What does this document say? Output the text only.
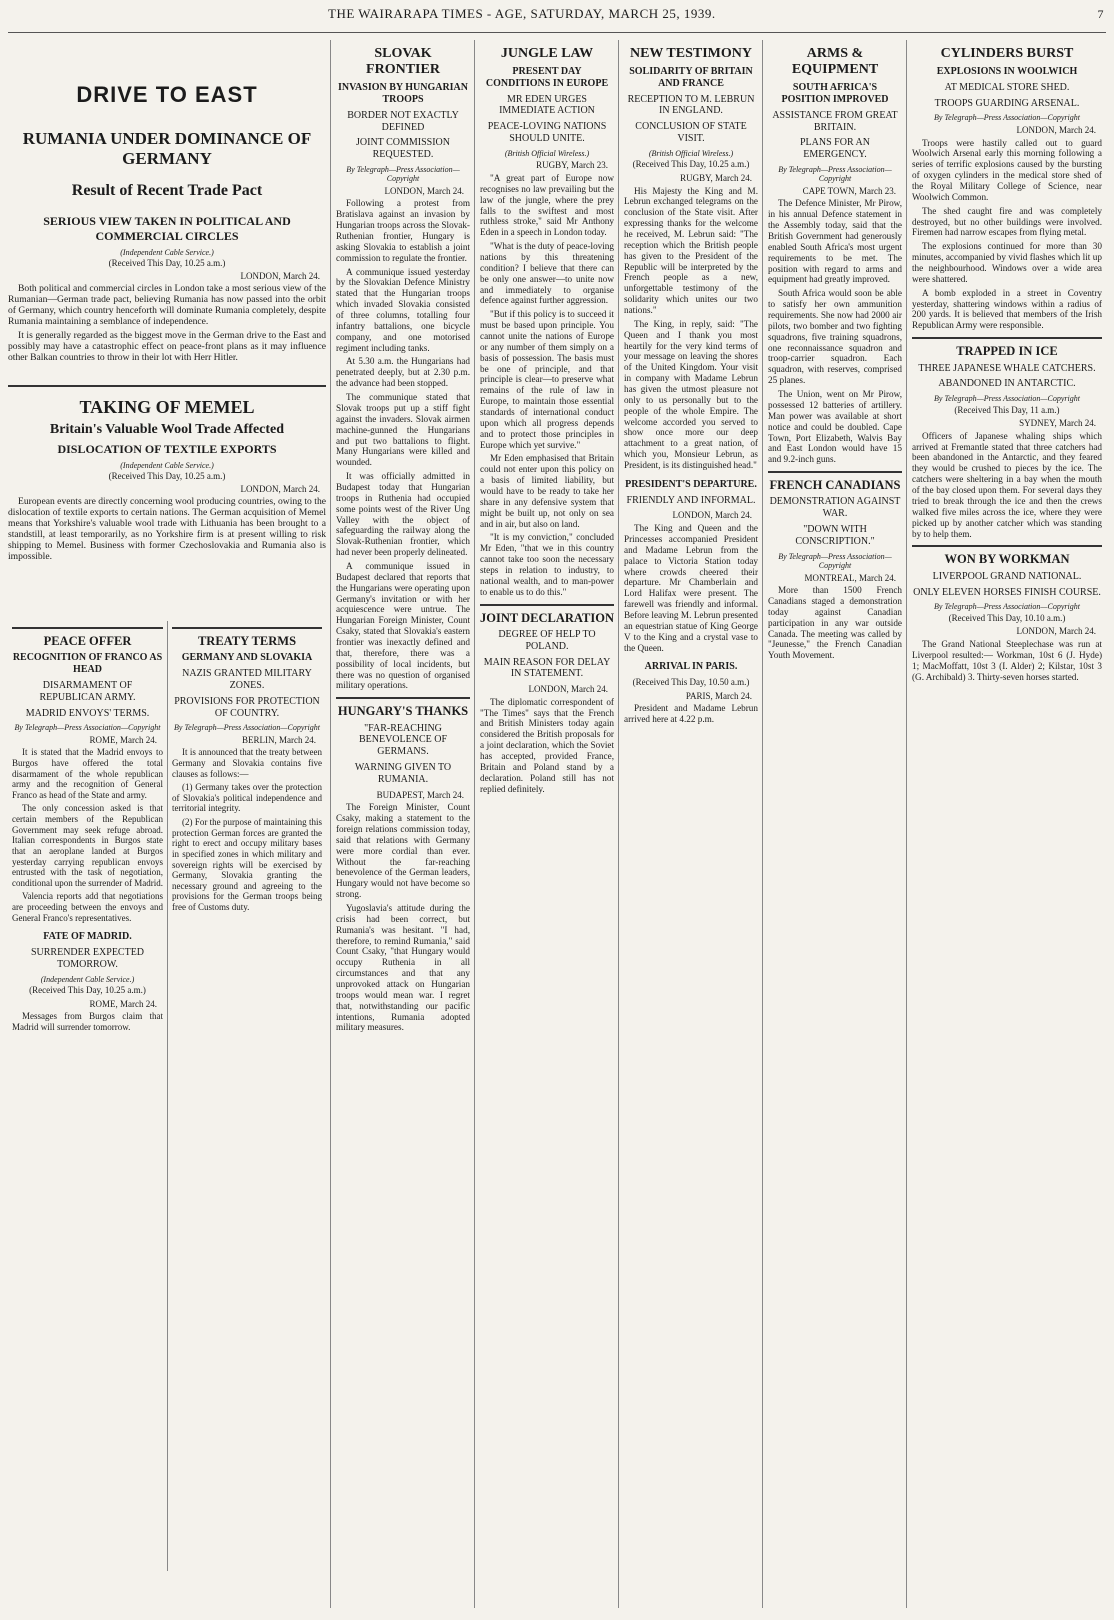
THE WAIRARAPA TIMES - AGE, SATURDAY, MARCH 25, 1939.	7
DRIVE TO EAST
RUMANIA UNDER DOMINANCE OF GERMANY
Result of Recent Trade Pact
SERIOUS VIEW TAKEN IN POLITICAL AND COMMERCIAL CIRCLES
(Independent Cable Service.)
(Received This Day, 10.25 a.m.)
LONDON, March 24.

Both political and commercial circles in London take a most serious view of the Rumanian—German trade pact, believing Rumania has now passed into the orbit of Germany, which country henceforth will dominate Rumania completely, despite Rumania maintaining a semblance of independence.

It is generally regarded as the biggest move in the German drive to the East and possibly may have a catastrophic effect on peace-front plans as it may influence other Balkan countries to throw in their lot with Herr Hitler.

TAKING OF MEMEL
Britain's Valuable Wool Trade Affected
DISLOCATION OF TEXTILE EXPORTS
(Independent Cable Service.)
(Received This Day, 10.25 a.m.)
LONDON, March 24.

European events are directly concerning wool producing countries, owing to the dislocation of textile exports to certain nations. The German acquisition of Memel means that Yorkshire's valuable wool trade with Lithuania has been brought to a standstill, at least temporarily, as no Yorkshire firm is at present willing to risk shipping to Memel. Business with former Czechoslovakia and Rumania also is impossible.

PEACE OFFER
RECOGNITION OF FRANCO AS HEAD
DISARMAMENT OF REPUBLICAN ARMY.
MADRID ENVOYS' TERMS.
By Telegraph—Press Association—Copyright
ROME, March 24.

It is stated that the Madrid envoys to Burgos have offered the total disarmament of the whole republican army and the recognition of General Franco as head of the State and army.

The only concession asked is that certain members of the Republican Government may seek refuge abroad. Italian correspondents in Burgos state that an aeroplane landed at Burgos yesterday carrying republican envoys entrusted with the task of negotiation, conditional upon the surrender of Madrid.

Valencia reports add that negotiations are proceeding between the envoys and General Franco's representatives.

FATE OF MADRID.
SURRENDER EXPECTED TOMORROW.
(Independent Cable Service.)
(Received This Day, 10.25 a.m.)
ROME, March 24.

Messages from Burgos claim that Madrid will surrender tomorrow.

TREATY TERMS
GERMANY AND SLOVAKIA
NAZIS GRANTED MILITARY ZONES.
PROVISIONS FOR PROTECTION OF COUNTRY.
By Telegraph—Press Association—Copyright
BERLIN, March 24.

It is announced that the treaty between Germany and Slovakia contains five clauses as follows:—

(1) Germany takes over the protection of Slovakia's political independence and territorial integrity.

(2) For the purpose of maintaining this protection German forces are granted the right to erect and occupy military bases in specified zones in which military and sovereign rights will be exercised by Germany, Slovakia granting the necessary ground and agreeing to the provisions for the German troops being free of Customs duty.

SLOVAK FRONTIER
INVASION BY HUNGARIAN TROOPS
BORDER NOT EXACTLY DEFINED
JOINT COMMISSION REQUESTED.
By Telegraph—Press Association—Copyright
LONDON, March 24.

Following a protest from Bratislava against an invasion by Hungarian troops across the Slovak-Ruthenian frontier, Hungary is asking Slovakia to establish a joint commission to regulate the frontier.

A communique issued yesterday by the Slovakian Defence Ministry stated that the Hungarian troops which invaded Slovakia consisted of three columns, totalling four infantry battalions, one bicycle company, and one motorised regiment including tanks.

At 5.30 a.m. the Hungarians had penetrated deeply, but at 2.30 p.m. the advance had been stopped.

The communique stated that Slovak troops put up a stiff fight against the invaders. Slovak airmen machine-gunned the Hungarians and put two battalions to flight. Many Hungarians were killed and wounded.

It was officially admitted in Budapest today that Hungarian troops in Ruthenia had occupied some points west of the River Ung Valley with the object of safeguarding the railway along the Slovak-Ruthenian frontier, which had never been properly delineated.

A communique issued in Budapest declared that reports that the Hungarians were operating upon Germany's invitation or with her acquiescence were untrue. The Hungarian Foreign Minister, Count Csaky, stated that Slovakia's eastern frontier was inexactly defined and that, therefore, there was a possibility of local incidents, but there was no question of organised military operations.

HUNGARY'S THANKS
"FAR-REACHING BENEVOLENCE OF GERMANS.
WARNING GIVEN TO RUMANIA.
BUDAPEST, March 24.

The Foreign Minister, Count Csaky, making a statement to the foreign relations commission today, said that relations with Germany were more cordial than ever. Without the far-reaching benevolence of the German leaders, Hungary would not have become so strong.

Yugoslavia's attitude during the crisis had been correct, but Rumania's was hesitant. "I had, therefore, to remind Rumania," said Count Csaky, "that Hungary would occupy Ruthenia in all circumstances and that any unprovoked attack on Hungarian troops would mean war. I regret that, notwithstanding our pacific intentions, Rumania adopted military measures.

JUNGLE LAW
PRESENT DAY CONDITIONS IN EUROPE
MR EDEN URGES IMMEDIATE ACTION
PEACE-LOVING NATIONS SHOULD UNITE.
(British Official Wireless.)
RUGBY, March 23.

"A great part of Europe now recognises no law prevailing but the law of the jungle, where the prey falls to the swiftest and most ruthless stroke," said Mr Anthony Eden in a speech in London today.

"What is the duty of peace-loving nations by this threatening condition? I believe that there can be only one answer—to unite now and immediately to organise defence against further aggression.

"But if this policy is to succeed it must be based upon principle. You cannot unite the nations of Europe or any number of them simply on a basis of possession. The basis must be one of principle, and that principle is clear—to preserve what remains of the rule of law in Europe, to maintain those essential standards of international conduct upon which all progress depends and to protect those principles in Europe which yet survive."

Mr Eden emphasised that Britain could not enter upon this policy on a basis of limited liability, but would have to be ready to take her share in any defensive system that might be built up, not only on sea and in air, but also on land.

"It is my conviction," concluded Mr Eden, "that we in this country cannot take too soon the necessary steps in relation to industry, to national wealth, and to man-power to enable us to do this."

JOINT DECLARATION
DEGREE OF HELP TO POLAND.
MAIN REASON FOR DELAY IN STATEMENT.
LONDON, March 24.

The diplomatic correspondent of "The Times" says that the French and British Ministers today again considered the British proposals for a joint declaration, which the Soviet has accepted, provided France, Britain and Poland stand by a declaration. Poland still has not replied definitely.

NEW TESTIMONY
SOLIDARITY OF BRITAIN AND FRANCE
RECEPTION TO M. LEBRUN IN ENGLAND.
CONCLUSION OF STATE VISIT.
(British Official Wireless.)
(Received This Day, 10.25 a.m.)
RUGBY, March 24.

His Majesty the King and M. Lebrun exchanged telegrams on the conclusion of the State visit. After expressing thanks for the welcome he received, M. Lebrun said: "The reception which the British people has given to the President of the Republic will be interpreted by the French people as a new, unforgettable testimony of the solidarity which unites our two nations."

The King, in reply, said: "The Queen and I thank you most heartily for the very kind terms of your message on leaving the shores of the United Kingdom. Your visit in company with Madame Lebrun has given the utmost pleasure not only to us personally but to the people of the whole Empire. The welcome accorded you served to show once more our deep attachment to a great nation, of which you, Monsieur Lebrun, as President, is its distinguished head."

PRESIDENT'S DEPARTURE.
FRIENDLY AND INFORMAL.
LONDON, March 24.

The King and Queen and the Princesses accompanied President and Madame Lebrun from the palace to Victoria Station today where crowds cheered their departure. Mr Chamberlain and Lord Halifax were present. The farewell was friendly and informal. Before leaving M. Lebrun presented an equestrian statue of King George V to the King and a crystal vase to the Queen.

ARRIVAL IN PARIS.
(Received This Day, 10.50 a.m.)
PARIS, March 24.

President and Madame Lebrun arrived here at 4.22 p.m.

ARMS & EQUIPMENT
SOUTH AFRICA'S POSITION IMPROVED
ASSISTANCE FROM GREAT BRITAIN.
PLANS FOR AN EMERGENCY.
By Telegraph—Press Association—Copyright
CAPE TOWN, March 23.

The Defence Minister, Mr Pirow, in his annual Defence statement in the Assembly today, said that the British Government had generously enabled South Africa's most urgent requirements to be met. The position with regard to arms and equipment had greatly improved.

South Africa would soon be able to satisfy her own ammunition requirements. She now had 2000 air pilots, two bomber and two fighting squadrons, five training squadrons, one reconnaissance squadron and troop-carrier squadron. Each squadron, with reserves, comprised 25 planes.

The Union, went on Mr Pirow, possessed 12 batteries of artillery. Man power was available at short notice and could be doubled. Cape Town, Port Elizabeth, Walvis Bay and East London would have 15 and 9.2-inch guns.

FRENCH CANADIANS
DEMONSTRATION AGAINST WAR.
"DOWN WITH CONSCRIPTION."
By Telegraph—Press Association—Copyright
MONTREAL, March 24.

More than 1500 French Canadians staged a demonstration today against Canadian participation in any war outside Canada. The meeting was called by "Jeunesse," the French Canadian Youth Movement.

CYLINDERS BURST
EXPLOSIONS IN WOOLWICH
AT MEDICAL STORE SHED.
TROOPS GUARDING ARSENAL.
By Telegraph—Press Association—Copyright
LONDON, March 24.

Troops were hastily called out to guard Woolwich Arsenal early this morning following a series of terrific explosions caused by the bursting of oxygen cylinders in the medical store shed of the Royal Military College of Science, near Woolwich Common.

The shed caught fire and was completely destroyed, but no other buildings were involved. Firemen had narrow escapes from flying metal.

The explosions continued for more than 30 minutes, accompanied by vivid flashes which lit up the neighbourhood. Windows over a wide area were shattered.

A bomb exploded in a street in Coventry yesterday, shattering windows within a radius of 200 yards. It is believed that members of the Irish Republican Army were responsible.

TRAPPED IN ICE
THREE JAPANESE WHALE CATCHERS.
ABANDONED IN ANTARCTIC.
By Telegraph—Press Association—Copyright
(Received This Day, 11 a.m.)
SYDNEY, March 24.

Officers of Japanese whaling ships which arrived at Fremantle stated that three catchers had been abandoned in the Antarctic, and they feared they would be crushed to pieces by the ice. The catchers were sheltering in a bay when the mouth of the bay closed upon them. For several days they tried to break through the ice and then the crews walked five miles across the ice, where they were picked up by another catcher which was standing by to help them.

WON BY WORKMAN
LIVERPOOL GRAND NATIONAL.
ONLY ELEVEN HORSES FINISH COURSE.
By Telegraph—Press Association—Copyright
(Received This Day, 10.10 a.m.)
LONDON, March 24.

The Grand National Steeplechase was run at Liverpool resulted:— Workman, 10st 6 (J. Hyde) 1; MacMoffatt, 10st 3 (I. Alder) 2; Kilstar, 10st 3 (G. Archibald) 3. Thirty-seven horses started.
